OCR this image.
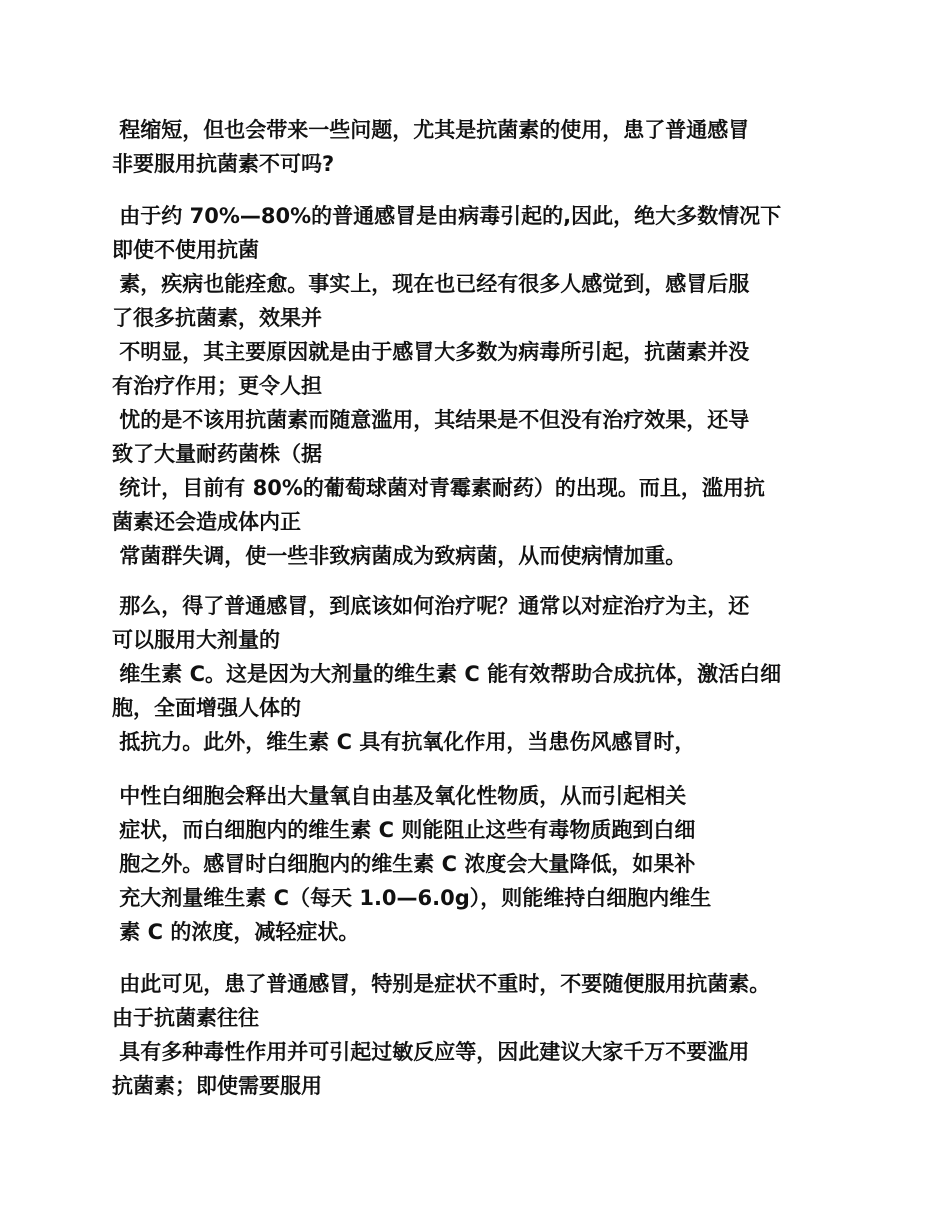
程缩短，但也会带来一些问题，尤其是抗菌素的使用，患了普通感冒
非要服用抗菌素不可吗?
由于约 70%—80%的普通感冒是由病毒引起的,因此，绝大多数情况下
即使不使用抗菌
素，疾病也能痊愈。事实上，现在也已经有很多人感觉到，感冒后服
了很多抗菌素，效果并
不明显，其主要原因就是由于感冒大多数为病毒所引起，抗菌素并没
有治疗作用；更令人担
忧的是不该用抗菌素而随意滥用，其结果是不但没有治疗效果，还导
致了大量耐药菌株（据
统计，目前有 80%的葡萄球菌对青霉素耐药）的出现。而且，滥用抗
菌素还会造成体内正
常菌群失调，使一些非致病菌成为致病菌，从而使病情加重。
那么，得了普通感冒，到底该如何治疗呢？通常以对症治疗为主，还
可以服用大剂量的
维生素 C。这是因为大剂量的维生素 C 能有效帮助合成抗体，激活白细
胞，全面增强人体的
抵抗力。此外，维生素 C 具有抗氧化作用，当患伤风感冒时，
中性白细胞会释出大量氧自由基及氧化性物质，从而引起相关
症状，而白细胞内的维生素 C 则能阻止这些有毒物质跑到白细
胞之外。感冒时白细胞内的维生素 C 浓度会大量降低，如果补
充大剂量维生素 C（每天 1.0—6.0g），则能维持白细胞内维生
素 C 的浓度，减轻症状。
由此可见，患了普通感冒，特别是症状不重时，不要随便服用抗菌素。
由于抗菌素往往
具有多种毒性作用并可引起过敏反应等，因此建议大家千万不要滥用
抗菌素；即使需要服用
